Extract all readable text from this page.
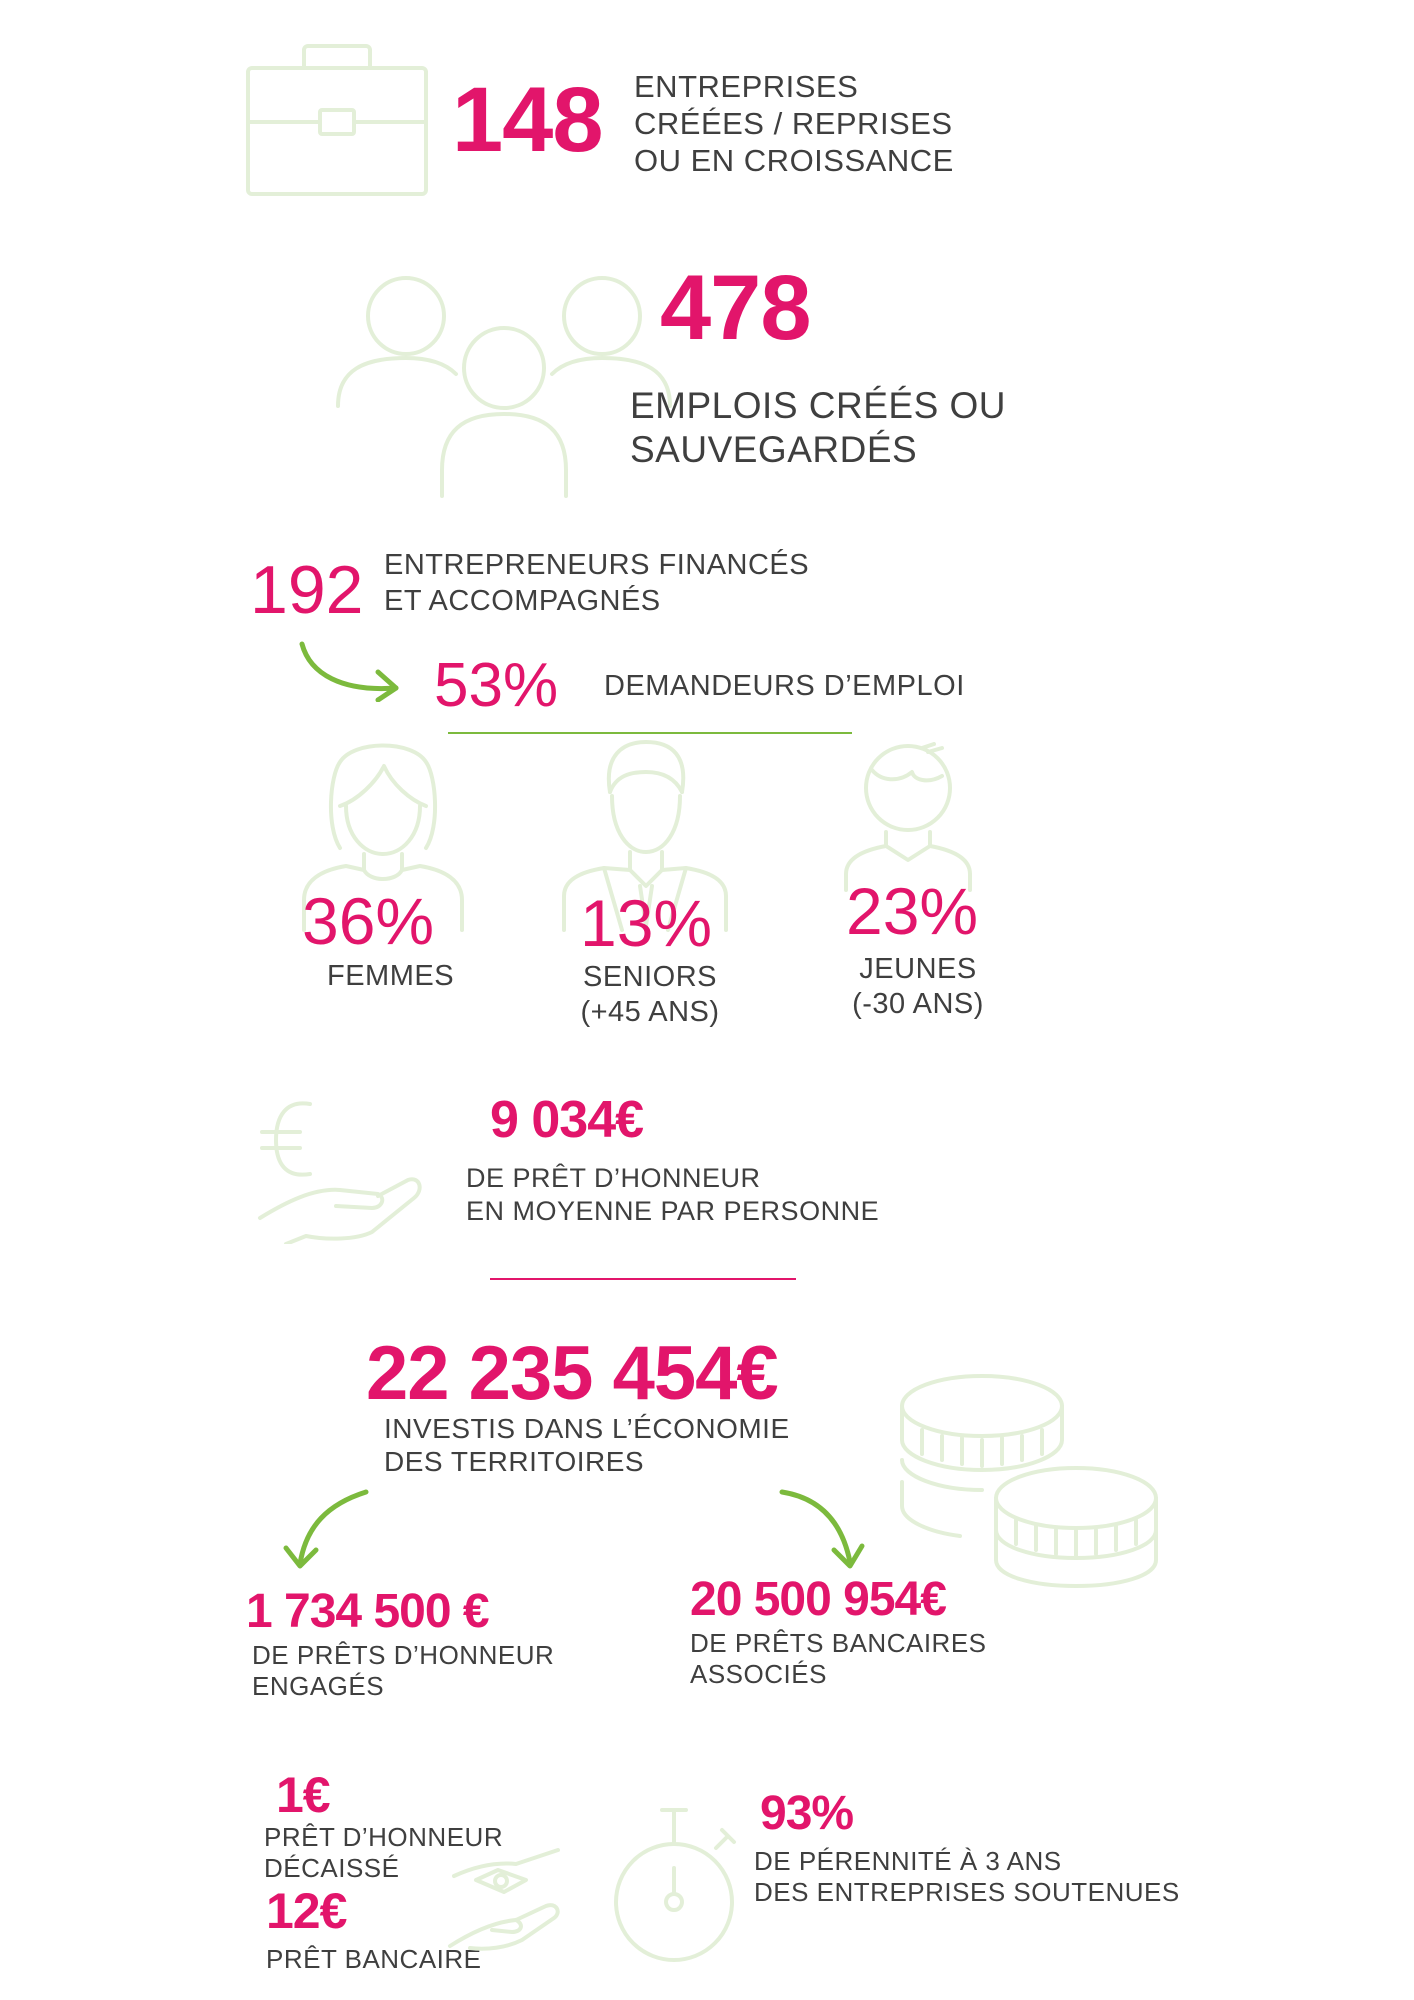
148 ENTREPRISES
CRÉÉES / REPRISES
OU EN CROISSANCE
478
EMPLOIS CRÉÉS OU
SAUVEGARDÉS
192 ENTREPRENEURS FINANCÉS
ET ACCOMPAGNÉS
53% DEMANDEURS D’EMPLOI
36%
FEMMES
13%
SENIORS
(+45 ANS)
23%
JEUNES
(-30 ANS)
9 034€
DE PRÊT D’HONNEUR
EN MOYENNE PAR PERSONNE
22 235 454€
INVESTIS DANS L’ÉCONOMIE
DES TERRITOIRES
1 734 500 €
DE PRÊTS D’HONNEUR
ENGAGÉS
20 500 954€
DE PRÊTS BANCAIRES
ASSOCIÉS
1€
PRÊT D’HONNEUR
DÉCAISSÉ
12€
PRÊT BANCAIRE
93%
DE PÉRENNITÉ À 3 ANS
DES ENTREPRISES SOUTENUES
